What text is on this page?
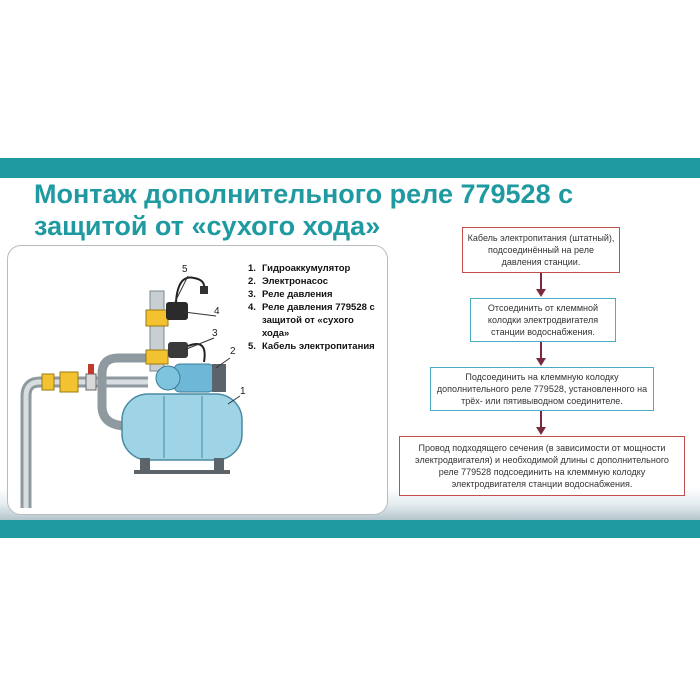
Монтаж дополнительного реле 779528 с защитой от «сухого хода»
5
4
3
2
1
1. Гидроаккумулятор
2. Электронасос
3. Реле давления
4. Реле давления 779528 с защитой от «сухого хода»
5. Кабель электропитания
Кабель электропитания (штатный), подсоединённый на реле давления станции.
Отсоединить от клеммной колодки электродвигателя станции водоснабжения.
Подсоединить на клеммную колодку дополнительного реле 779528, установленного на трёх- или пятивыводном соединителе.
Провод подходящего сечения (в зависимости от мощности электродвигателя) и необходимой длины с дополнительного реле 779528 подсоединить на клеммную колодку электродвигателя станции водоснабжения.
